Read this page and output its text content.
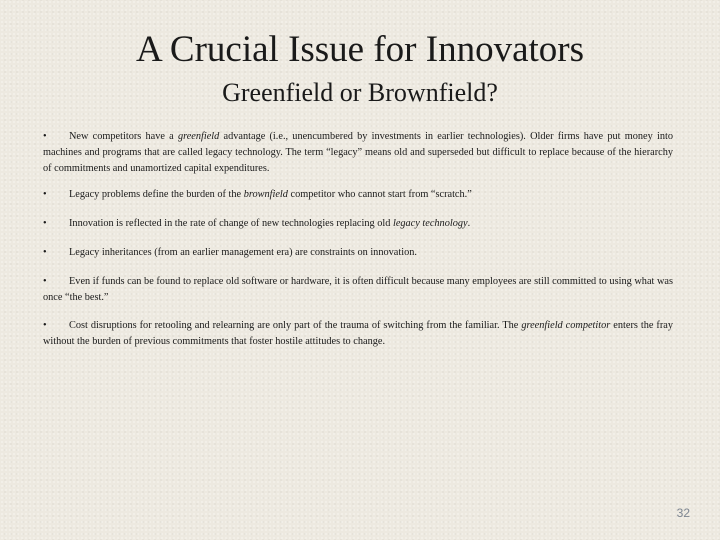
A Crucial Issue for Innovators
Greenfield or Brownfield?

• New competitors have a greenfield advantage (i.e., unencumbered by investments in earlier technologies). Older firms have put money into machines and programs that are called legacy technology. The term “legacy” means old and superseded but difficult to replace because of the hierarchy of commitments and unamortized capital expenditures.

• Legacy problems define the burden of the brownfield competitor who cannot start from “scratch.”

• Innovation is reflected in the rate of change of new technologies replacing old legacy technology.

• Legacy inheritances (from an earlier management era) are constraints on innovation.

• Even if funds can be found to replace old software or hardware, it is often difficult because many employees are still committed to using what was once “the best.”

• Cost disruptions for retooling and relearning are only part of the trauma of switching from the familiar. The greenfield competitor enters the fray without the burden of previous commitments that foster hostile attitudes to change.

32
